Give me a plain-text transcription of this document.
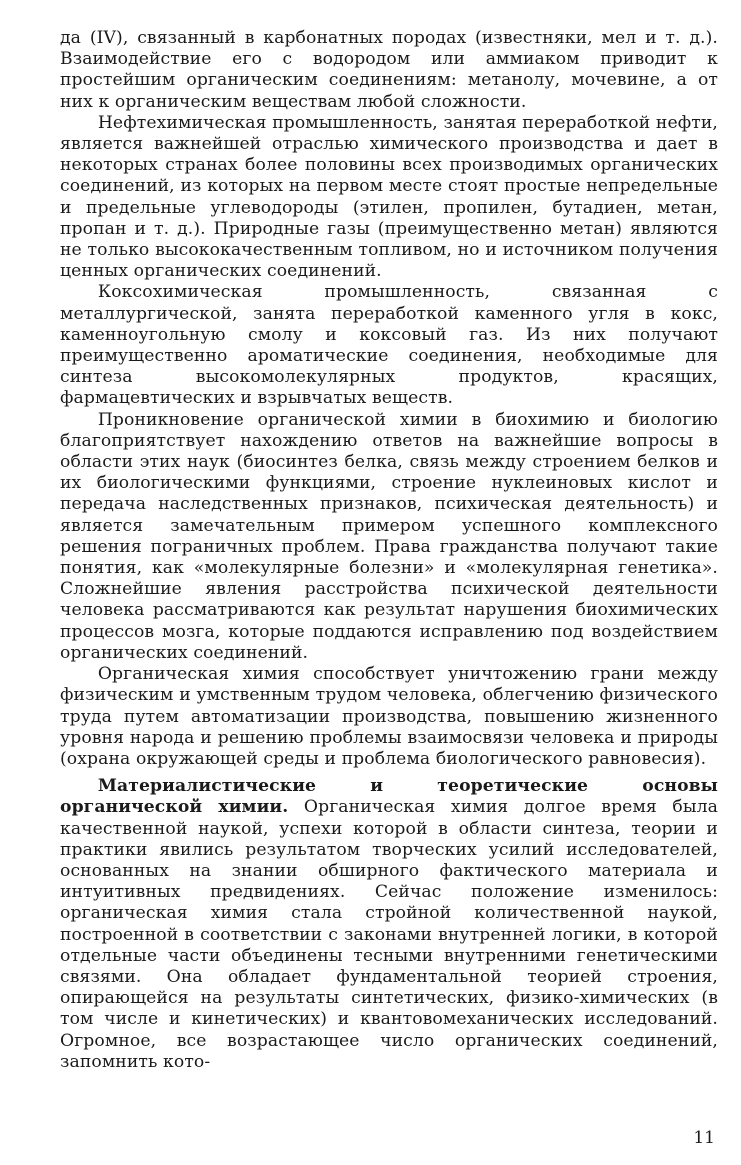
да (IV), связанный в карбонатных породах (известняки, мел и т. д.). Взаимодействие его с водородом или аммиаком приводит к простейшим органическим соединениям: метанолу, мочевине, а от них к органическим веществам любой сложности.

Нефтехимическая промышленность, занятая переработкой нефти, является важнейшей отраслью химического производства и дает в некоторых странах более половины всех производимых органических соединений, из которых на первом месте стоят простые непредельные и предельные углеводороды (этилен, пропилен, бутадиен, метан, пропан и т. д.). Природные газы (преимущественно метан) являются не только высококачественным топливом, но и источником получения ценных органических соединений.

Коксохимическая промышленность, связанная с металлургической, занята переработкой каменного угля в кокс, каменноугольную смолу и коксовый газ. Из них получают преимущественно ароматические соединения, необходимые для синтеза высокомолекулярных продуктов, красящих, фармацевтических и взрывчатых веществ.

Проникновение органической химии в биохимию и биологию благоприятствует нахождению ответов на важнейшие вопросы в области этих наук (биосинтез белка, связь между строением белков и их биологическими функциями, строение нуклеиновых кислот и передача наследственных признаков, психическая деятельность) и является замечательным примером успешного комплексного решения пограничных проблем. Права гражданства получают такие понятия, как «молекулярные болезни» и «молекулярная генетика». Сложнейшие явления расстройства психической деятельности человека рассматриваются как результат нарушения биохимических процессов мозга, которые поддаются исправлению под воздействием органических соединений.

Органическая химия способствует уничтожению грани между физическим и умственным трудом человека, облегчению физического труда путем автоматизации производства, повышению жизненного уровня народа и решению проблемы взаимосвязи человека и природы (охрана окружающей среды и проблема биологического равновесия).

Материалистические и теоретические основы органической химии. Органическая химия долгое время была качественной наукой, успехи которой в области синтеза, теории и практики явились результатом творческих усилий исследователей, основанных на знании обширного фактического материала и интуитивных предвидениях. Сейчас положение изменилось: органическая химия стала стройной количественной наукой, построенной в соответствии с законами внутренней логики, в которой отдельные части объединены тесными внутренними генетическими связями. Она обладает фундаментальной теорией строения, опирающейся на результаты синтетических, физико-химических (в том числе и кинетических) и квантовомеханических исследований. Огромное, все возрастающее число органических соединений, запомнить кото-

11
